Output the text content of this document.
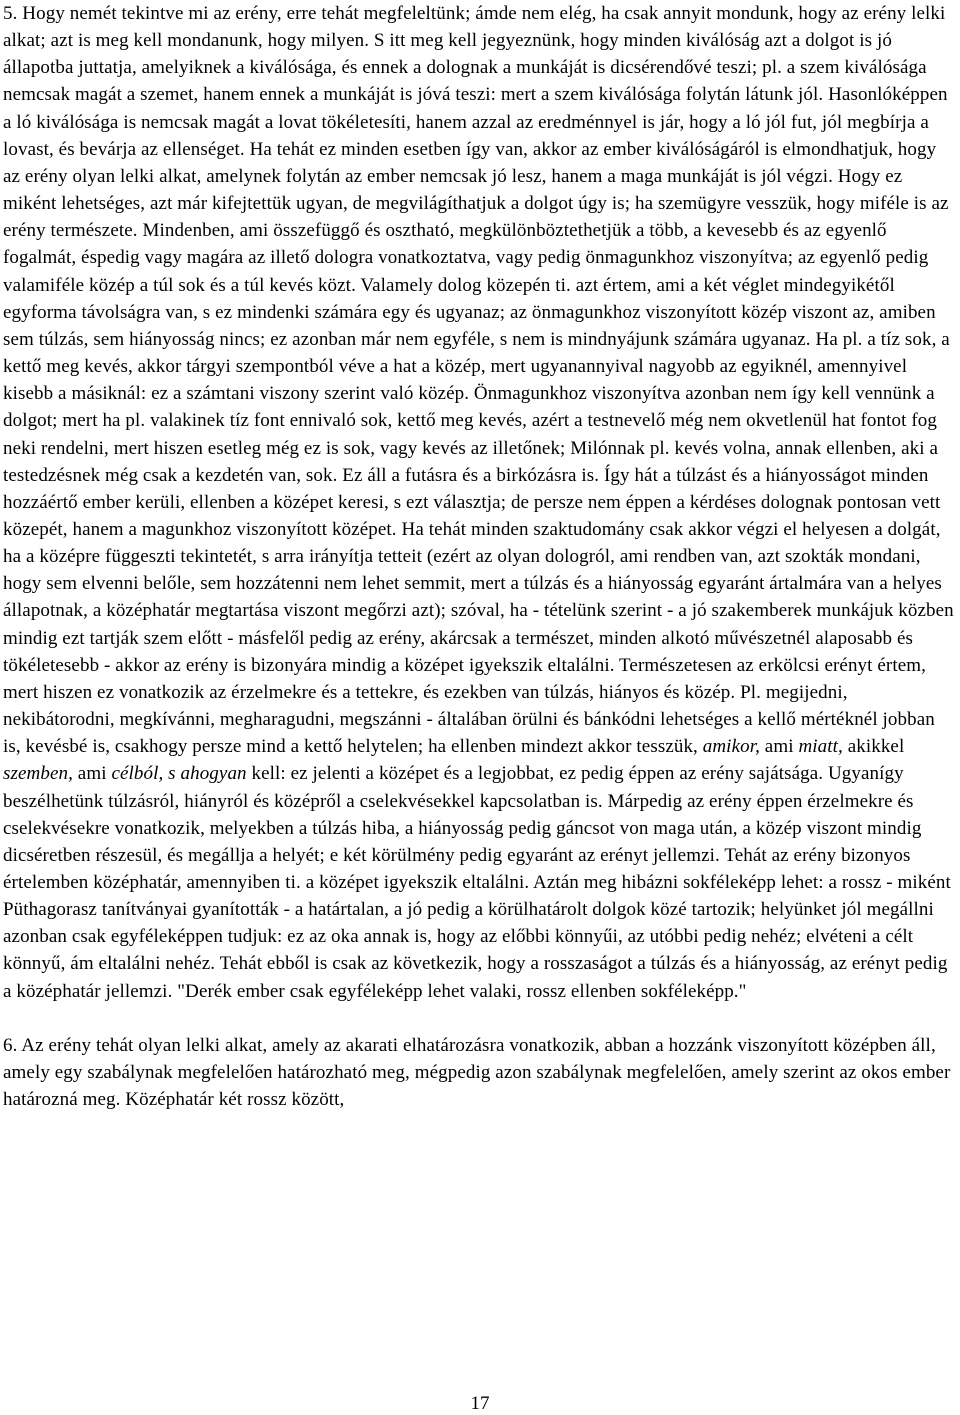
5. Hogy nemét tekintve mi az erény, erre tehát megfeleltünk; ámde nem elég, ha csak annyit mondunk, hogy az erény lelki alkat; azt is meg kell mondanunk, hogy milyen. S itt meg kell jegyeznünk, hogy minden kiválóság azt a dolgot is jó állapotba juttatja, amelyiknek a kiválósága, és ennek a dolognak a munkáját is dicsérendővé teszi; pl. a szem kiválósága nemcsak magát a szemet, hanem ennek a munkáját is jóvá teszi: mert a szem kiválósága folytán látunk jól. Hasonlóképpen a ló kiválósága is nemcsak magát a lovat tökéletesíti, hanem azzal az eredménnyel is jár, hogy a ló jól fut, jól megbírja a lovast, és bevárja az ellenséget. Ha tehát ez minden esetben így van, akkor az ember kiválóságáról is elmondhatjuk, hogy az erény olyan lelki alkat, amelynek folytán az ember nemcsak jó lesz, hanem a maga munkáját is jól végzi. Hogy ez miként lehetséges, azt már kifejtettük ugyan, de megvilágíthatjuk a dolgot úgy is; ha szemügyre vesszük, hogy miféle is az erény természete. Mindenben, ami összefüggő és osztható, megkülönböztethetjük a több, a kevesebb és az egyenlő fogalmát, éspedig vagy magára az illető dologra vonatkoztatva, vagy pedig önmagunkhoz viszonyítva; az egyenlő pedig valamiféle közép a túl sok és a túl kevés közt. Valamely dolog közepén ti. azt értem, ami a két véglet mindegyikétől egyforma távolságra van, s ez mindenki számára egy és ugyanaz; az önmagunkhoz viszonyított közép viszont az, amiben sem túlzás, sem hiányosság nincs; ez azonban már nem egyféle, s nem is mindnyájunk számára ugyanaz. Ha pl. a tíz sok, a kettő meg kevés, akkor tárgyi szempontból véve a hat a közép, mert ugyanannyival nagyobb az egyiknél, amennyivel kisebb a másiknál: ez a számtani viszony szerint való közép. Önmagunkhoz viszonyítva azonban nem így kell vennünk a dolgot; mert ha pl. valakinek tíz font ennivaló sok, kettő meg kevés, azért a testnevelő még nem okvetlenül hat fontot fog neki rendelni, mert hiszen esetleg még ez is sok, vagy kevés az illetőnek; Milónnak pl. kevés volna, annak ellenben, aki a testedzésnek még csak a kezdetén van, sok. Ez áll a futásra és a birkózásra is. Így hát a túlzást és a hiányosságot minden hozzáértő ember kerüli, ellenben a középet keresi, s ezt választja; de persze nem éppen a kérdéses dolognak pontosan vett közepét, hanem a magunkhoz viszonyított középet. Ha tehát minden szaktudomány csak akkor végzi el helyesen a dolgát, ha a középre függeszti tekintetét, s arra irányítja tetteit (ezért az olyan dologról, ami rendben van, azt szokták mondani, hogy sem elvenni belőle, sem hozzátenni nem lehet semmit, mert a túlzás és a hiányosság egyaránt ártalmára van a helyes állapotnak, a középhatár megtartása viszont megőrzi azt); szóval, ha - tételünk szerint - a jó szakemberek munkájuk közben mindig ezt tartják szem előtt - másfelől pedig az erény, akárcsak a természet, minden alkotó művészetnél alaposabb és tökéletesebb - akkor az erény is bizonyára mindig a középet igyekszik eltalálni. Természetesen az erkölcsi erényt értem, mert hiszen ez vonatkozik az érzelmekre és a tettekre, és ezekben van túlzás, hiányos és közép. Pl. megijedni, nekibátorodni, megkívánni, megharagudni, megszánni - általában örülni és bánkódni lehetséges a kellő mértéknél jobban is, kevésbé is, csakhogy persze mind a kettő helytelen; ha ellenben mindezt akkor tesszük, amikor, ami miatt, akikkel szemben, ami célból, s ahogyan kell: ez jelenti a középet és a legjobbat, ez pedig éppen az erény sajátsága. Ugyanígy beszélhetünk túlzásról, hiányról és középről a cselekvésekkel kapcsolatban is. Márpedig az erény éppen érzelmekre és cselekvésekre vonatkozik, melyekben a túlzás hiba, a hiányosság pedig gáncsot von maga után, a közép viszont mindig dicséretben részesül, és megállja a helyét; e két körülmény pedig egyaránt az erényt jellemzi. Tehát az erény bizonyos értelemben középhatár, amennyiben ti. a középet igyekszik eltalálni. Aztán meg hibázni sokféleképp lehet: a rossz - miként Püthagorasz tanítványai gyanították - a határtalan, a jó pedig a körülhatárolt dolgok közé tartozik; helyünket jól megállni azonban csak egyféleképpen tudjuk: ez az oka annak is, hogy az előbbi könnyűi, az utóbbi pedig nehéz; elvéteni a célt könnyű, ám eltalálni nehéz. Tehát ebből is csak az következik, hogy a rosszaságot a túlzás és a hiányosság, az erényt pedig a középhatár jellemzi. "Derék ember csak egyféleképp lehet valaki, rossz ellenben sokféleképp."

6. Az erény tehát olyan lelki alkat, amely az akarati elhatározásra vonatkozik, abban a hozzánk viszonyított középben áll, amely egy szabálynak megfelelően határozható meg, mégpedig azon szabálynak megfelelően, amely szerint az okos ember határozná meg. Középhatár két rossz között,

17
